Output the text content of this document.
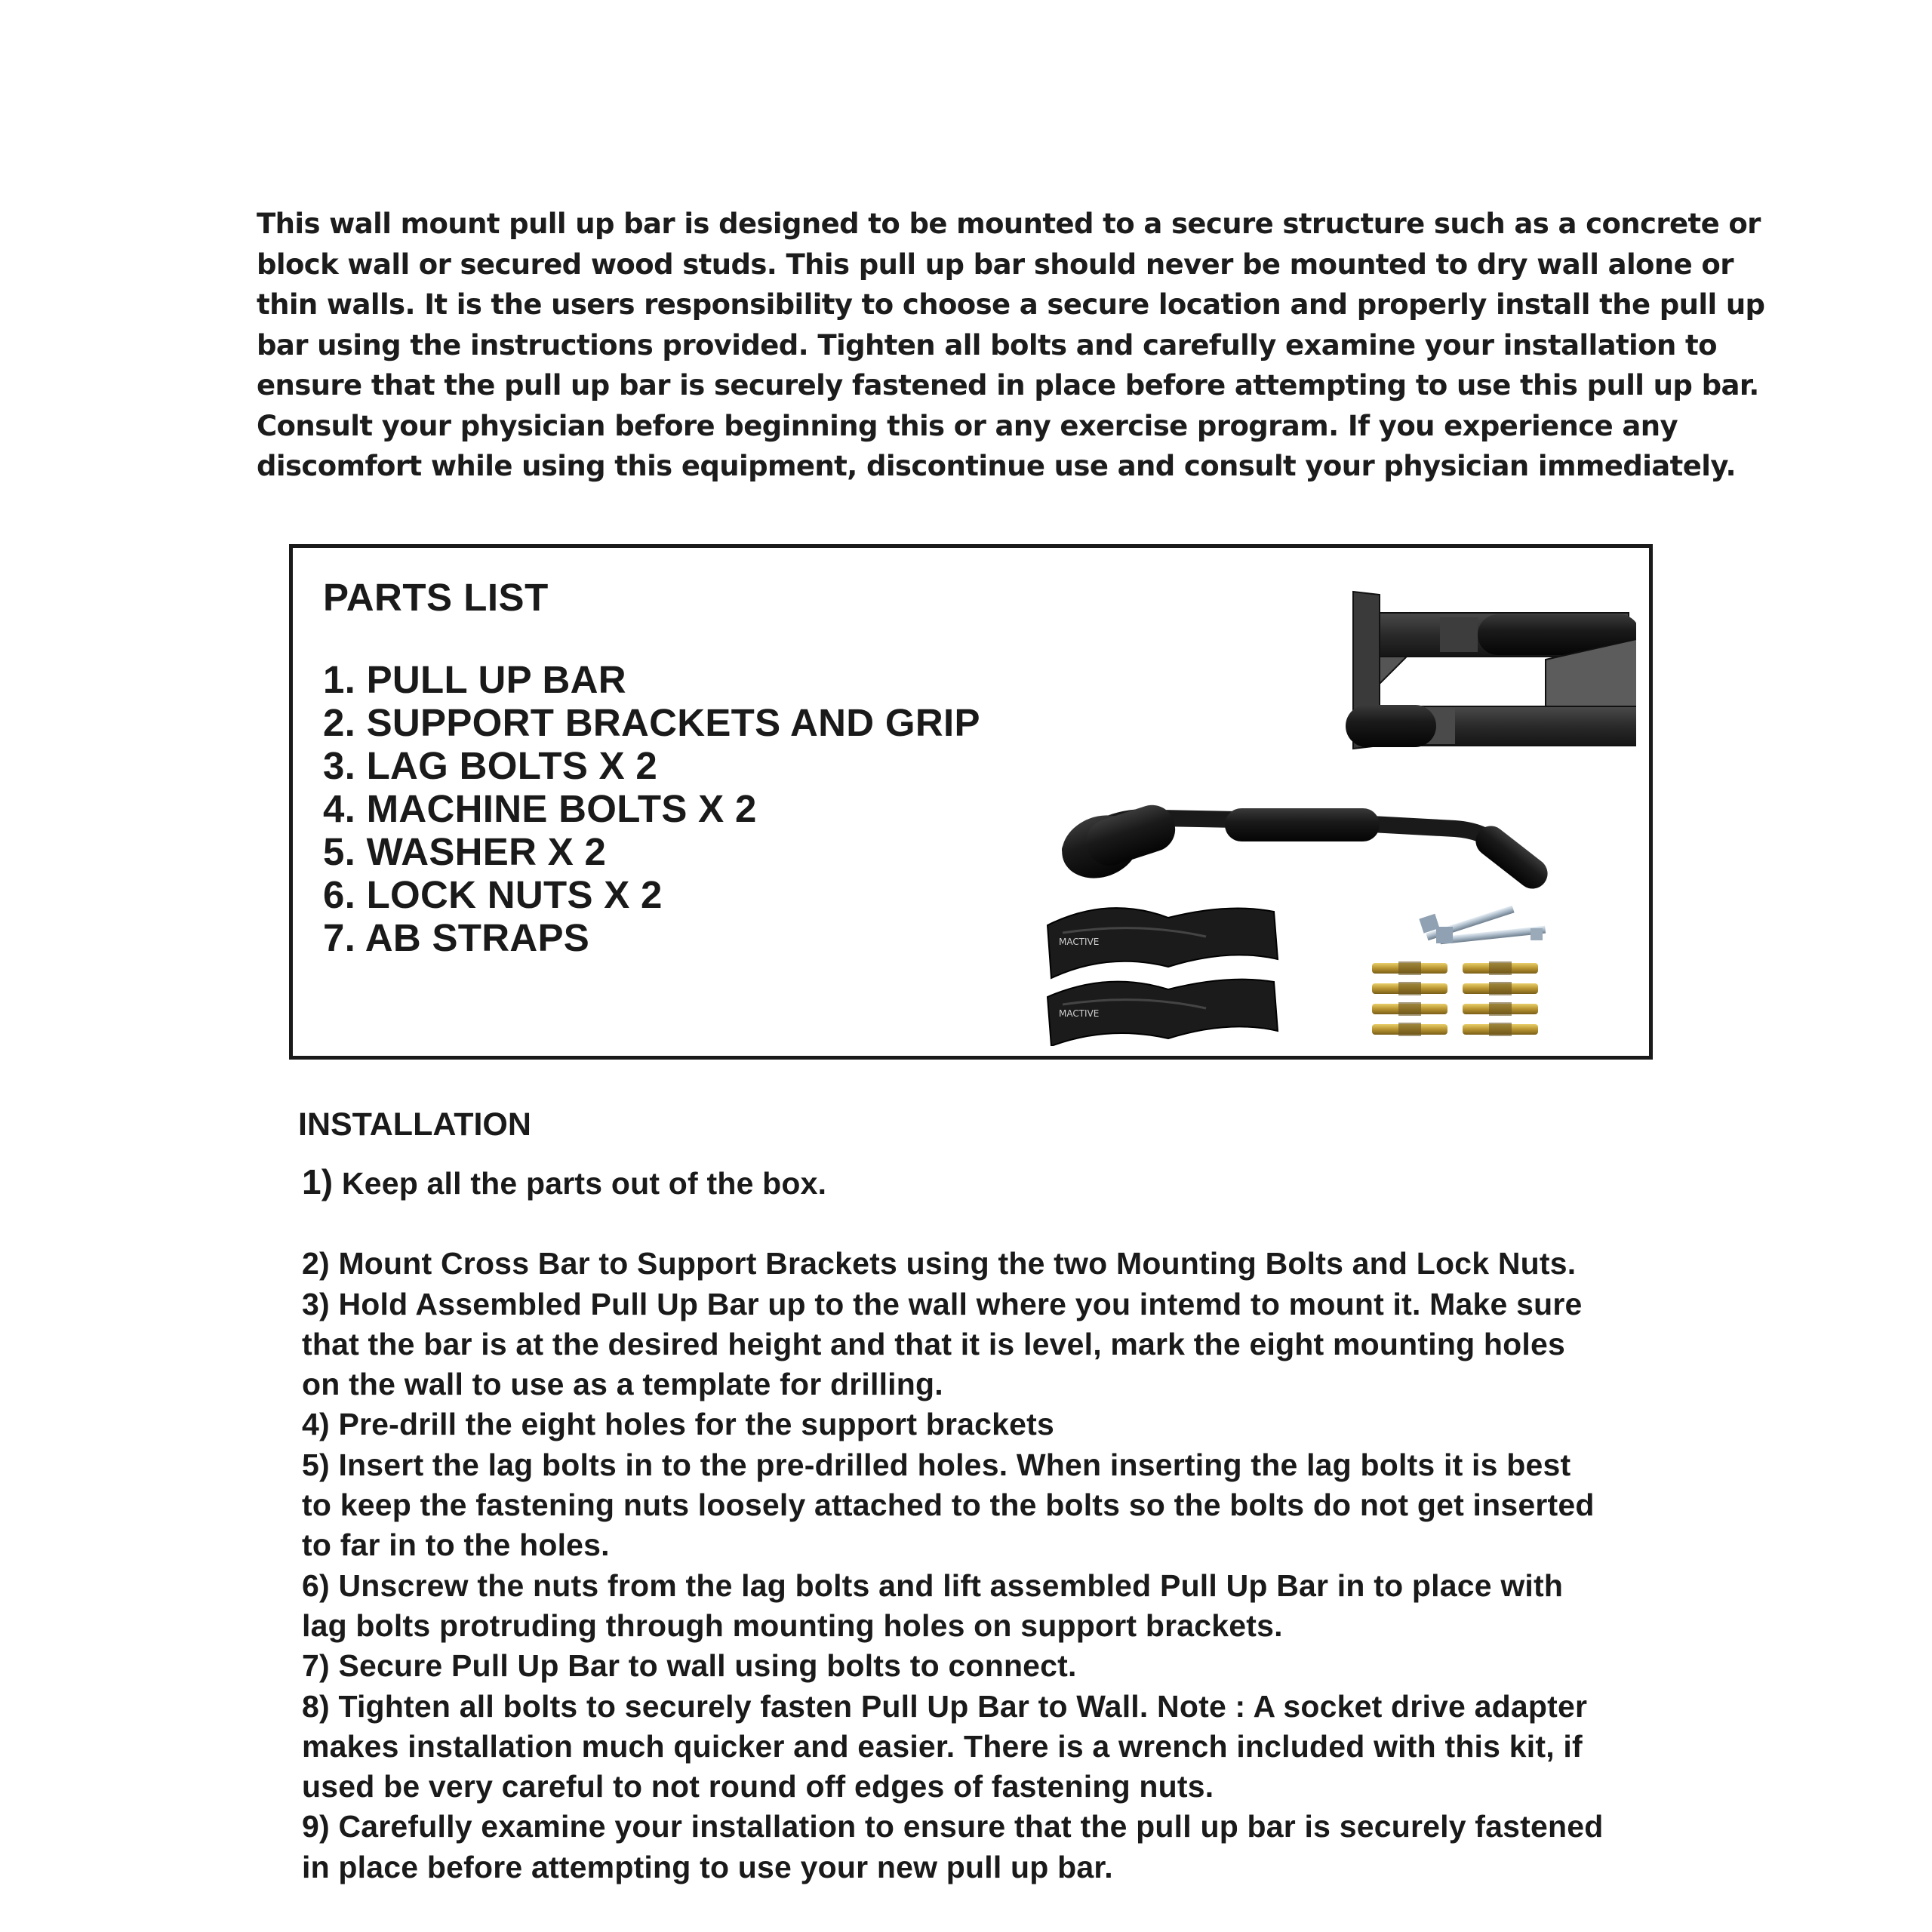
This wall mount pull up bar is designed to be mounted to a secure structure such as a concrete or
block wall or secured wood studs. This pull up bar should never be mounted to dry wall alone or
thin walls. It is the users responsibility to choose a secure location and properly install the pull up
bar using the instructions provided. Tighten all bolts and carefully examine your installation to
ensure that the pull up bar is securely fastened in place before attempting to use this pull up bar.
Consult your physician before beginning this or any exercise program. If you experience any
discomfort while using this equipment, discontinue use and consult your physician immediately.
PARTS LIST
1. PULL UP BAR
2. SUPPORT BRACKETS AND GRIP
3. LAG BOLTS X 2
4. MACHINE BOLTS X 2
5. WASHER X 2
6. LOCK NUTS X 2
7. AB STRAPS	MACTIVE
MACTIVE
INSTALLATION
1) Keep all the parts out of the box.
2) Mount Cross Bar to Support Brackets using the two Mounting Bolts and Lock Nuts.
3) Hold Assembled Pull Up Bar up to the wall where you intemd to mount it. Make sure
that the bar is at the desired height and that it is level, mark the eight mounting holes
on the wall to use as a template for drilling.
4) Pre-drill the eight holes for the support brackets
5) Insert the lag bolts in to the pre-drilled holes. When inserting the lag bolts it is best
to keep the fastening nuts loosely attached to the bolts so the bolts do not get inserted
to far in to the holes.
6) Unscrew the nuts from the lag bolts and lift assembled Pull Up Bar in to place with
lag bolts protruding through mounting holes on support brackets.
7) Secure Pull Up Bar to wall using bolts to connect.
8) Tighten all bolts to securely fasten Pull Up Bar to Wall. Note : A socket drive adapter
makes installation much quicker and easier. There is a wrench included with this kit, if
used be very careful to not round off edges of fastening nuts.
9) Carefully examine your installation to ensure that the pull up bar is securely fastened
in place before attempting to use your new pull up bar.
